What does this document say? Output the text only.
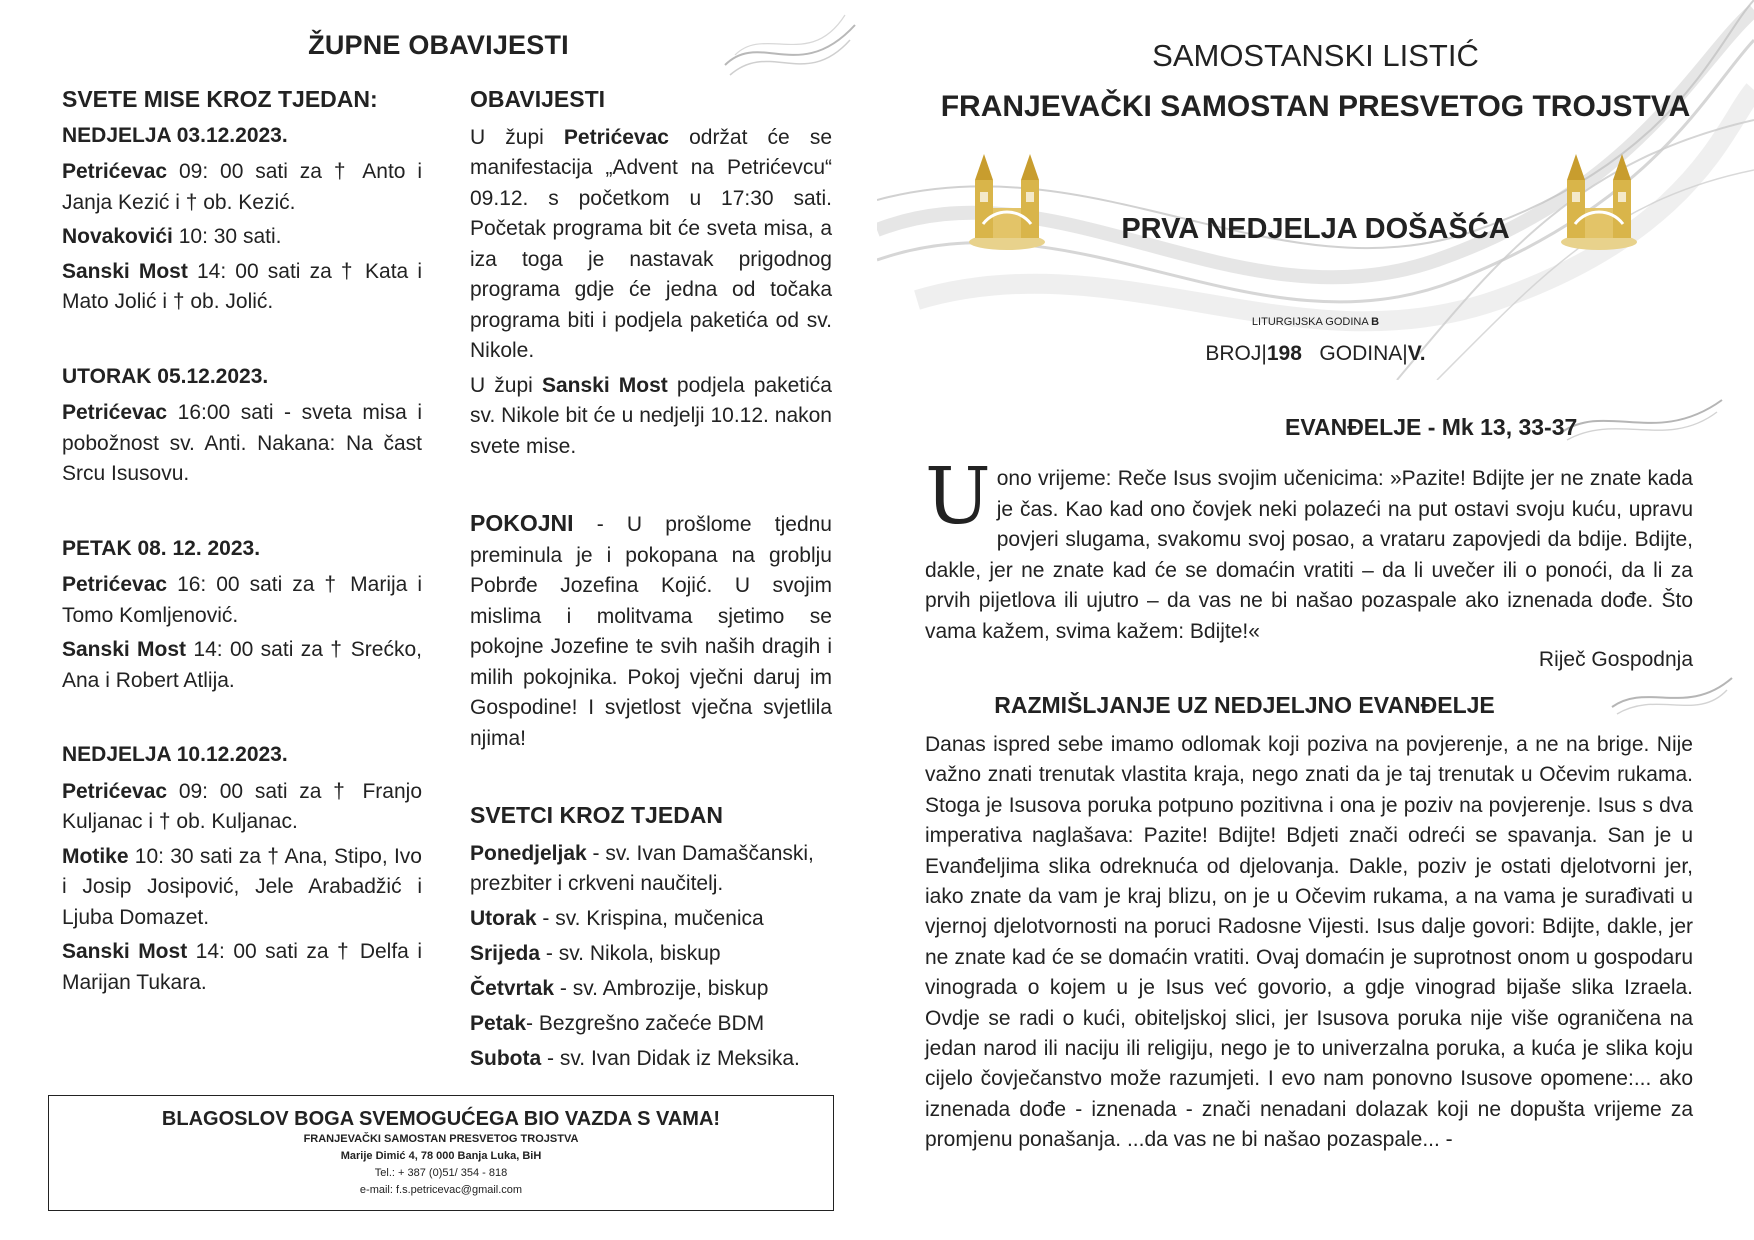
ŽUPNE OBAVIJESTI
SVETE MISE KROZ TJEDAN:
NEDJELJA 03.12.2023.
Petrićevac 09: 00 sati za † Anto i Janja Kezić i † ob. Kezić.
Novakovići 10: 30 sati.
Sanski Most 14: 00 sati za † Kata i Mato Jolić i † ob. Jolić.
UTORAK 05.12.2023.
Petrićevac 16:00 sati - sveta misa i pobožnost sv. Anti. Nakana: Na čast Srcu Isusovu.
PETAK 08. 12. 2023.
Petrićevac 16: 00 sati za † Marija i Tomo Komljenović.
Sanski Most 14: 00 sati za † Srećko, Ana i Robert Atlija.
NEDJELJA 10.12.2023.
Petrićevac 09: 00 sati za † Franjo Kuljanac i † ob. Kuljanac.
Motike 10: 30 sati za † Ana, Stipo, Ivo i Josip Josipović, Jele Arabadžić i Ljuba Domazet.
Sanski Most 14: 00 sati za † Delfa i Marijan Tukara.
OBAVIJESTI
U župi Petrićevac održat će se manifestacija „Advent na Petrićevcu“ 09.12. s početkom u 17:30 sati. Početak programa bit će sveta misa, a iza toga je nastavak prigodnog programa gdje će jedna od točaka programa biti i podjela paketića od sv. Nikole.
U župi Sanski Most podjela paketića sv. Nikole bit će u nedjelji 10.12. nakon svete mise.
POKOJNI - U prošlome tjednu preminula je i pokopana na groblju Pobrđe Jozefina Kojić. U svojim mislima i molitvama sjetimo se pokojne Jozefine te svih naših dragih i milih pokojnika. Pokoj vječni daruj im Gospodine! I svjetlost vječna svjetlila njima!
SVETCI KROZ TJEDAN
Ponedjeljak - sv. Ivan Damaščanski, prezbiter i crkveni naučitelj.
Utorak - sv. Krispina, mučenica
Srijeda - sv. Nikola, biskup
Četvrtak - sv. Ambrozije, biskup
Petak- Bezgrešno začeće BDM
Subota - sv. Ivan Didak iz Meksika.
BLAGOSLOV BOGA SVEMOGUĆEGA BIO VAZDA S VAMA!
FRANJEVAČKI SAMOSTAN PRESVETOG TROJSTVA
Marije Dimić 4, 78 000 Banja Luka, BiH
Tel.: + 387 (0)51/ 354 - 818
e-mail: f.s.petricevac@gmail.com
SAMOSTANSKI LISTIĆ
FRANJEVAČKI SAMOSTAN PRESVETOG TROJSTVA
PRVA NEDJELJA DOŠAŠĆA
LITURGIJSKA GODINA B
BROJ|198   GODINA|V.
EVANĐELJE - Mk 13, 33-37
U ono vrijeme: Reče Isus svojim učenicima: »Pazite! Bdijte jer ne znate kada je čas. Kao kad ono čovjek neki polazeći na put ostavi svoju kuću, upravu povjeri slugama, svakomu svoj posao, a vrataru zapovjedi da bdije. Bdijte, dakle, jer ne znate kad će se domaćin vratiti – da li uvečer ili o ponoći, da li za prvih pijetlova ili ujutro – da vas ne bi našao pozaspale ako iznenada dođe. Što vama kažem, svima kažem: Bdijte!«
Riječ Gospodnja
RAZMIŠLJANJE UZ NEDJELJNO EVANĐELJE
Danas ispred sebe imamo odlomak koji poziva na povjerenje, a ne na brige. Nije važno znati trenutak vlastita kraja, nego znati da je taj trenutak u Očevim rukama. Stoga je Isusova poruka potpuno pozitivna i ona je poziv na povjerenje. Isus s dva imperativa naglašava: Pazite! Bdijte! Bdjeti znači odreći se spavanja. San je u Evanđeljima slika odreknuća od djelovanja. Dakle, poziv je ostati djelotvorni jer, iako znate da vam je kraj blizu, on je u Očevim rukama, a na vama je surađivati u vjernoj djelotvornosti na poruci Radosne Vijesti. Isus dalje govori: Bdijte, dakle, jer ne znate kad će se domaćin vratiti. Ovaj domaćin je suprotnost onom u gospodaru vinograda o kojem u je Isus već govorio, a gdje vinograd bijaše slika Izraela. Ovdje se radi o kući, obiteljskoj slici, jer Isusova poruka nije više ograničena na jedan narod ili naciju ili religiju, nego je to univerzalna poruka, a kuća je slika koju cijelo čovječanstvo može razumjeti. I evo nam ponovno Isusove opomene:... ako iznenada dođe - iznenada - znači nenadani dolazak koji ne dopušta vrijeme za promjenu ponašanja. ...da vas ne bi našao pozaspale... -
